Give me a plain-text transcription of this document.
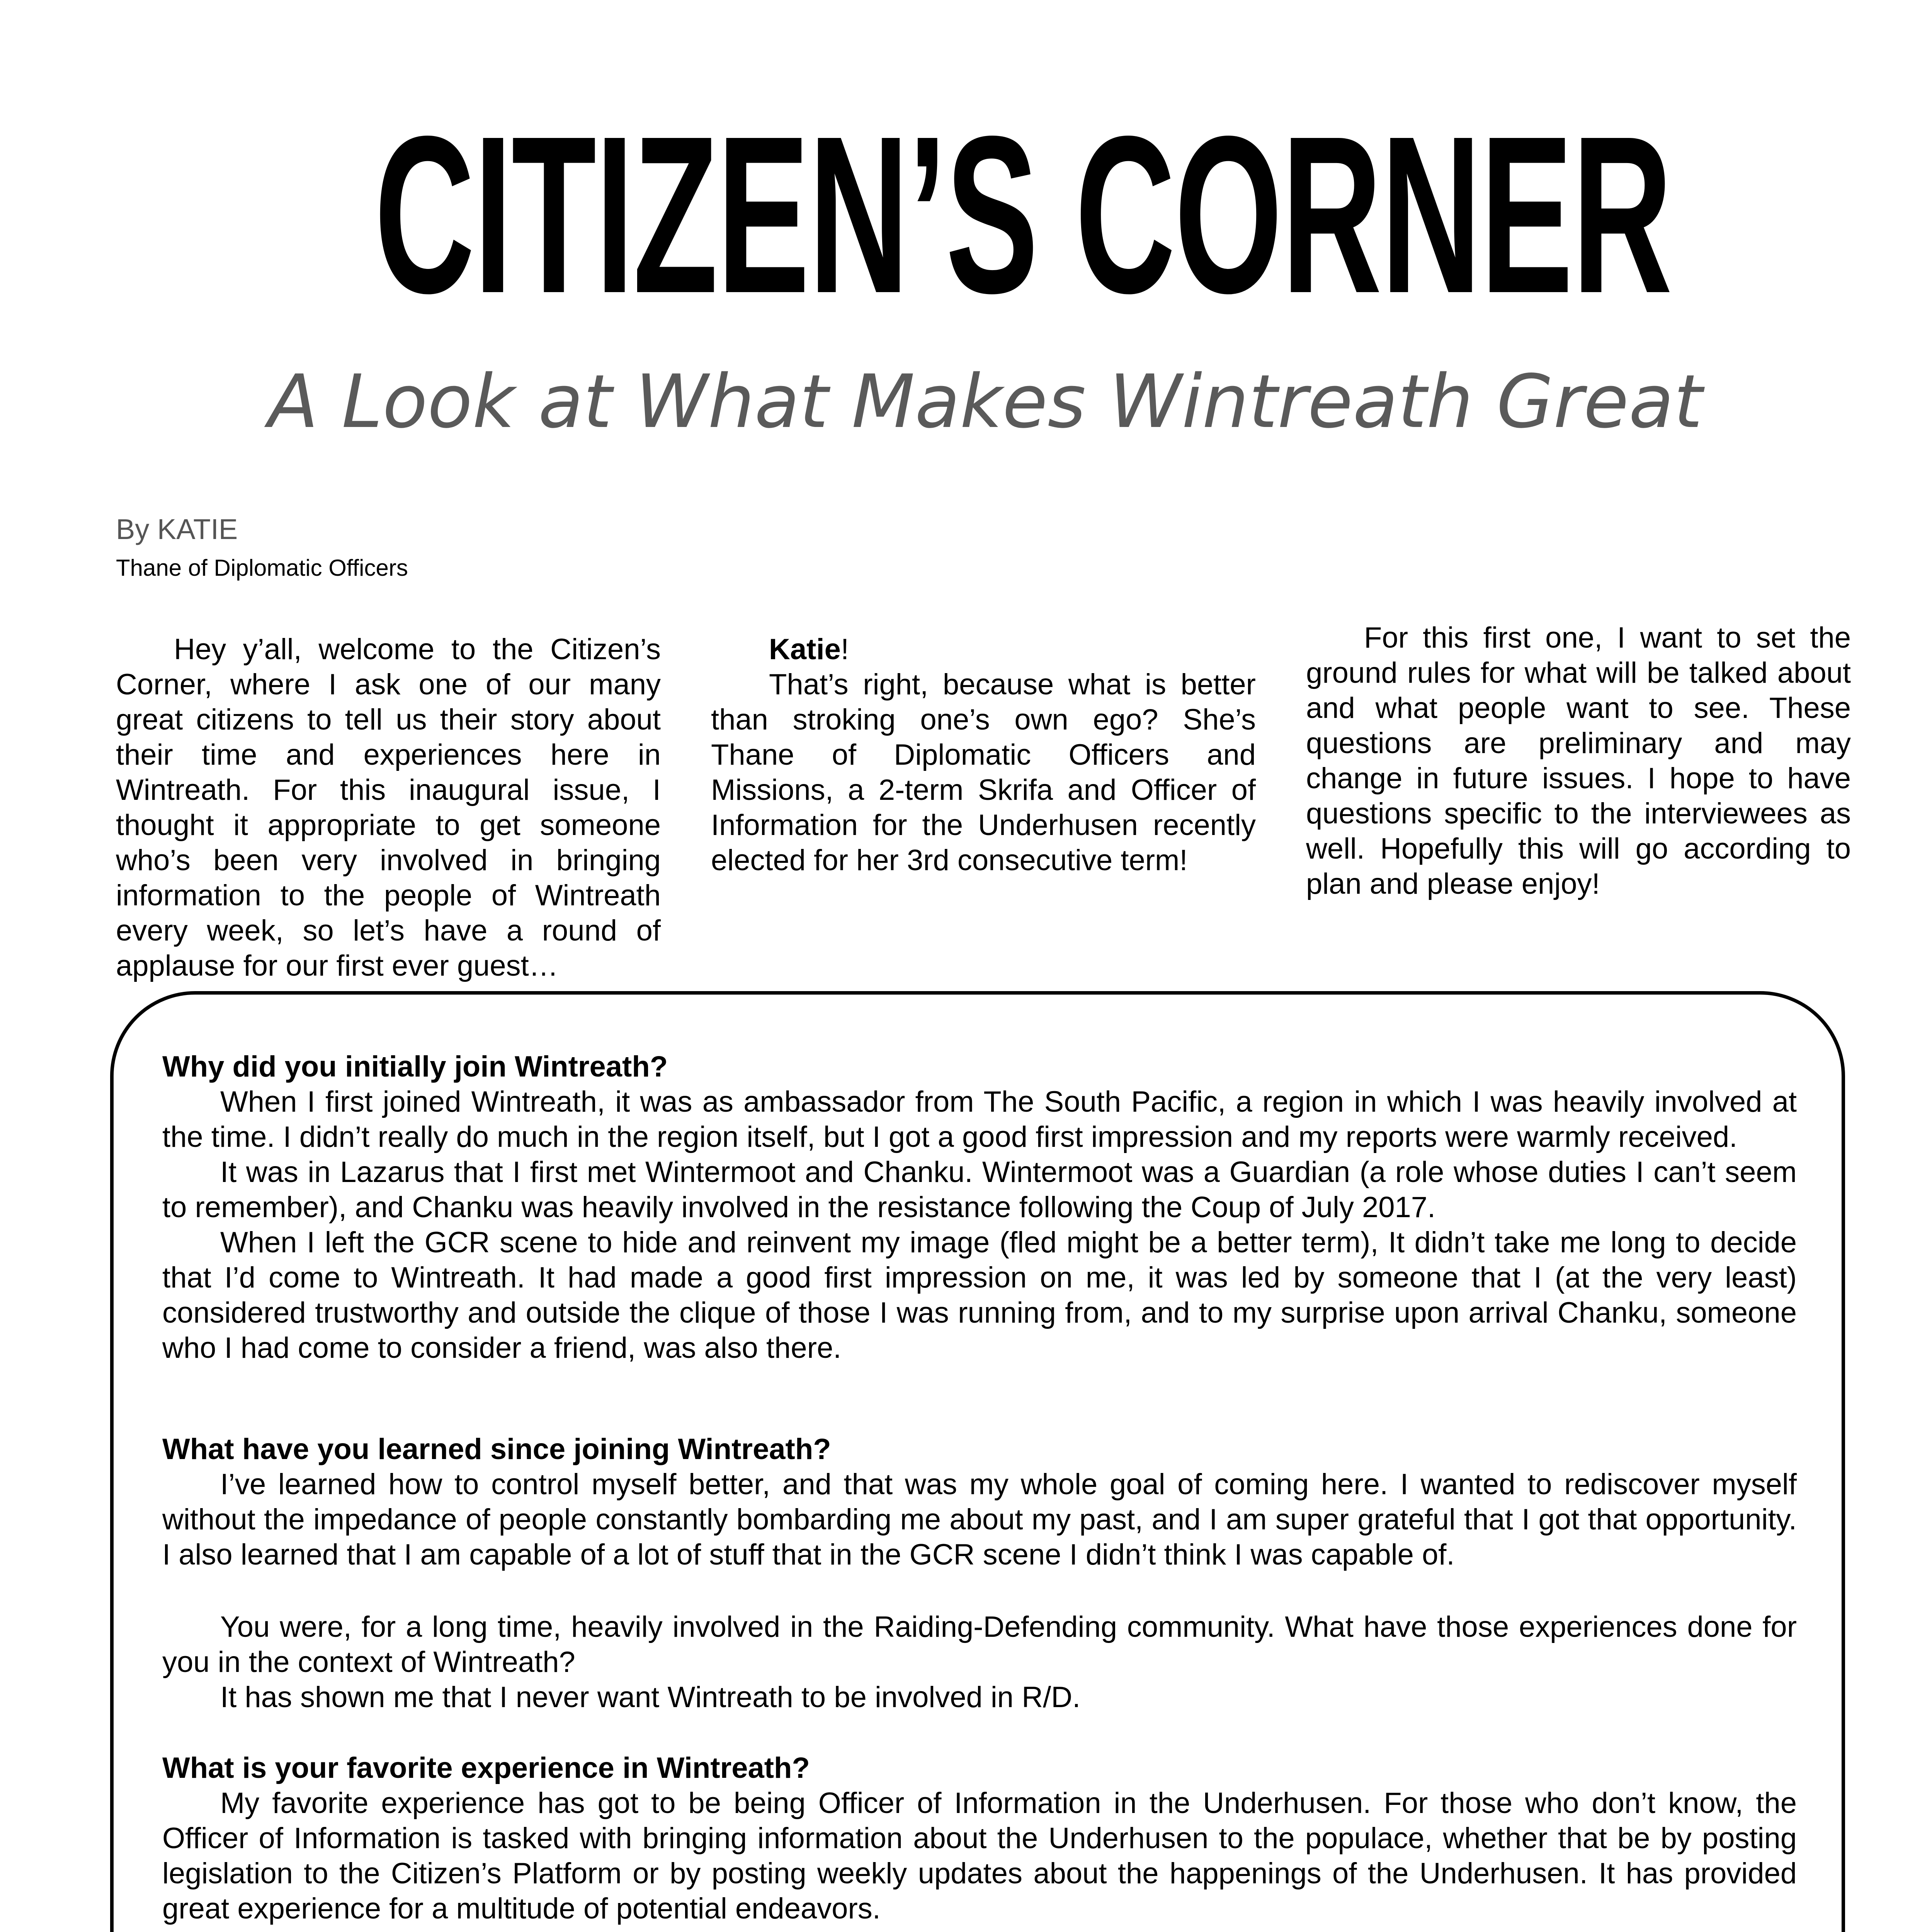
CITIZEN’S CORNER
A Look at What Makes Wintreath Great
By KATIE
Thane of Diplomatic Officers

Hey y’all, welcome to the Citizen’s Corner, where I ask one of our many great citizens to tell us their story about their time and experiences here in Wintreath. For this inaugural issue, I thought it appropriate to get someone who’s been very involved in bringing information to the people of Wintreath every week, so let’s have a round of applause for our first ever guest…

Katie!

That’s right, because what is better than stroking one’s own ego? She’s Thane of Diplomatic Officers and Missions, a 2-term Skrifa and Officer of Information for the Underhusen recently elected for her 3rd consecutive term!

For this first one, I want to set the ground rules for what will be talked about and what people want to see. These questions are preliminary and may change in future issues. I hope to have questions specific to the interviewees as well. Hopefully this will go according to plan and please enjoy!

Why did you initially join Wintreath?

When I first joined Wintreath, it was as ambassador from The South Pacific, a region in which I was heavily involved at the time. I didn’t really do much in the region itself, but I got a good first impression and my reports were warmly received.

It was in Lazarus that I first met Wintermoot and Chanku. Wintermoot was a Guardian (a role whose duties I can’t seem to remember), and Chanku was heavily involved in the resistance following the Coup of July 2017.

When I left the GCR scene to hide and reinvent my image (fled might be a better term), It didn’t take me long to decide that I’d come to Wintreath. It had made a good first impression on me, it was led by someone that I (at the very least) considered trustworthy and outside the clique of those I was running from, and to my surprise upon arrival Chanku, someone who I had come to consider a friend, was also there.

What have you learned since joining Wintreath?

I’ve learned how to control myself better, and that was my whole goal of coming here. I wanted to rediscover myself without the impedance of people constantly bombarding me about my past, and I am super grateful that I got that opportunity. I also learned that I am capable of a lot of stuff that in the GCR scene I didn’t think I was capable of.

You were, for a long time, heavily involved in the Raiding-Defending community. What have those experiences done for you in the context of Wintreath?

It has shown me that I never want Wintreath to be involved in R/D.

What is your favorite experience in Wintreath?

My favorite experience has got to be being Officer of Information in the Underhusen. For those who don’t know, the Officer of Information is tasked with bringing information about the Underhusen to the populace, whether that be by posting legislation to the Citizen’s Platform or by posting weekly updates about the happenings of the Underhusen. It has provided great experience for a multitude of potential endeavors.
